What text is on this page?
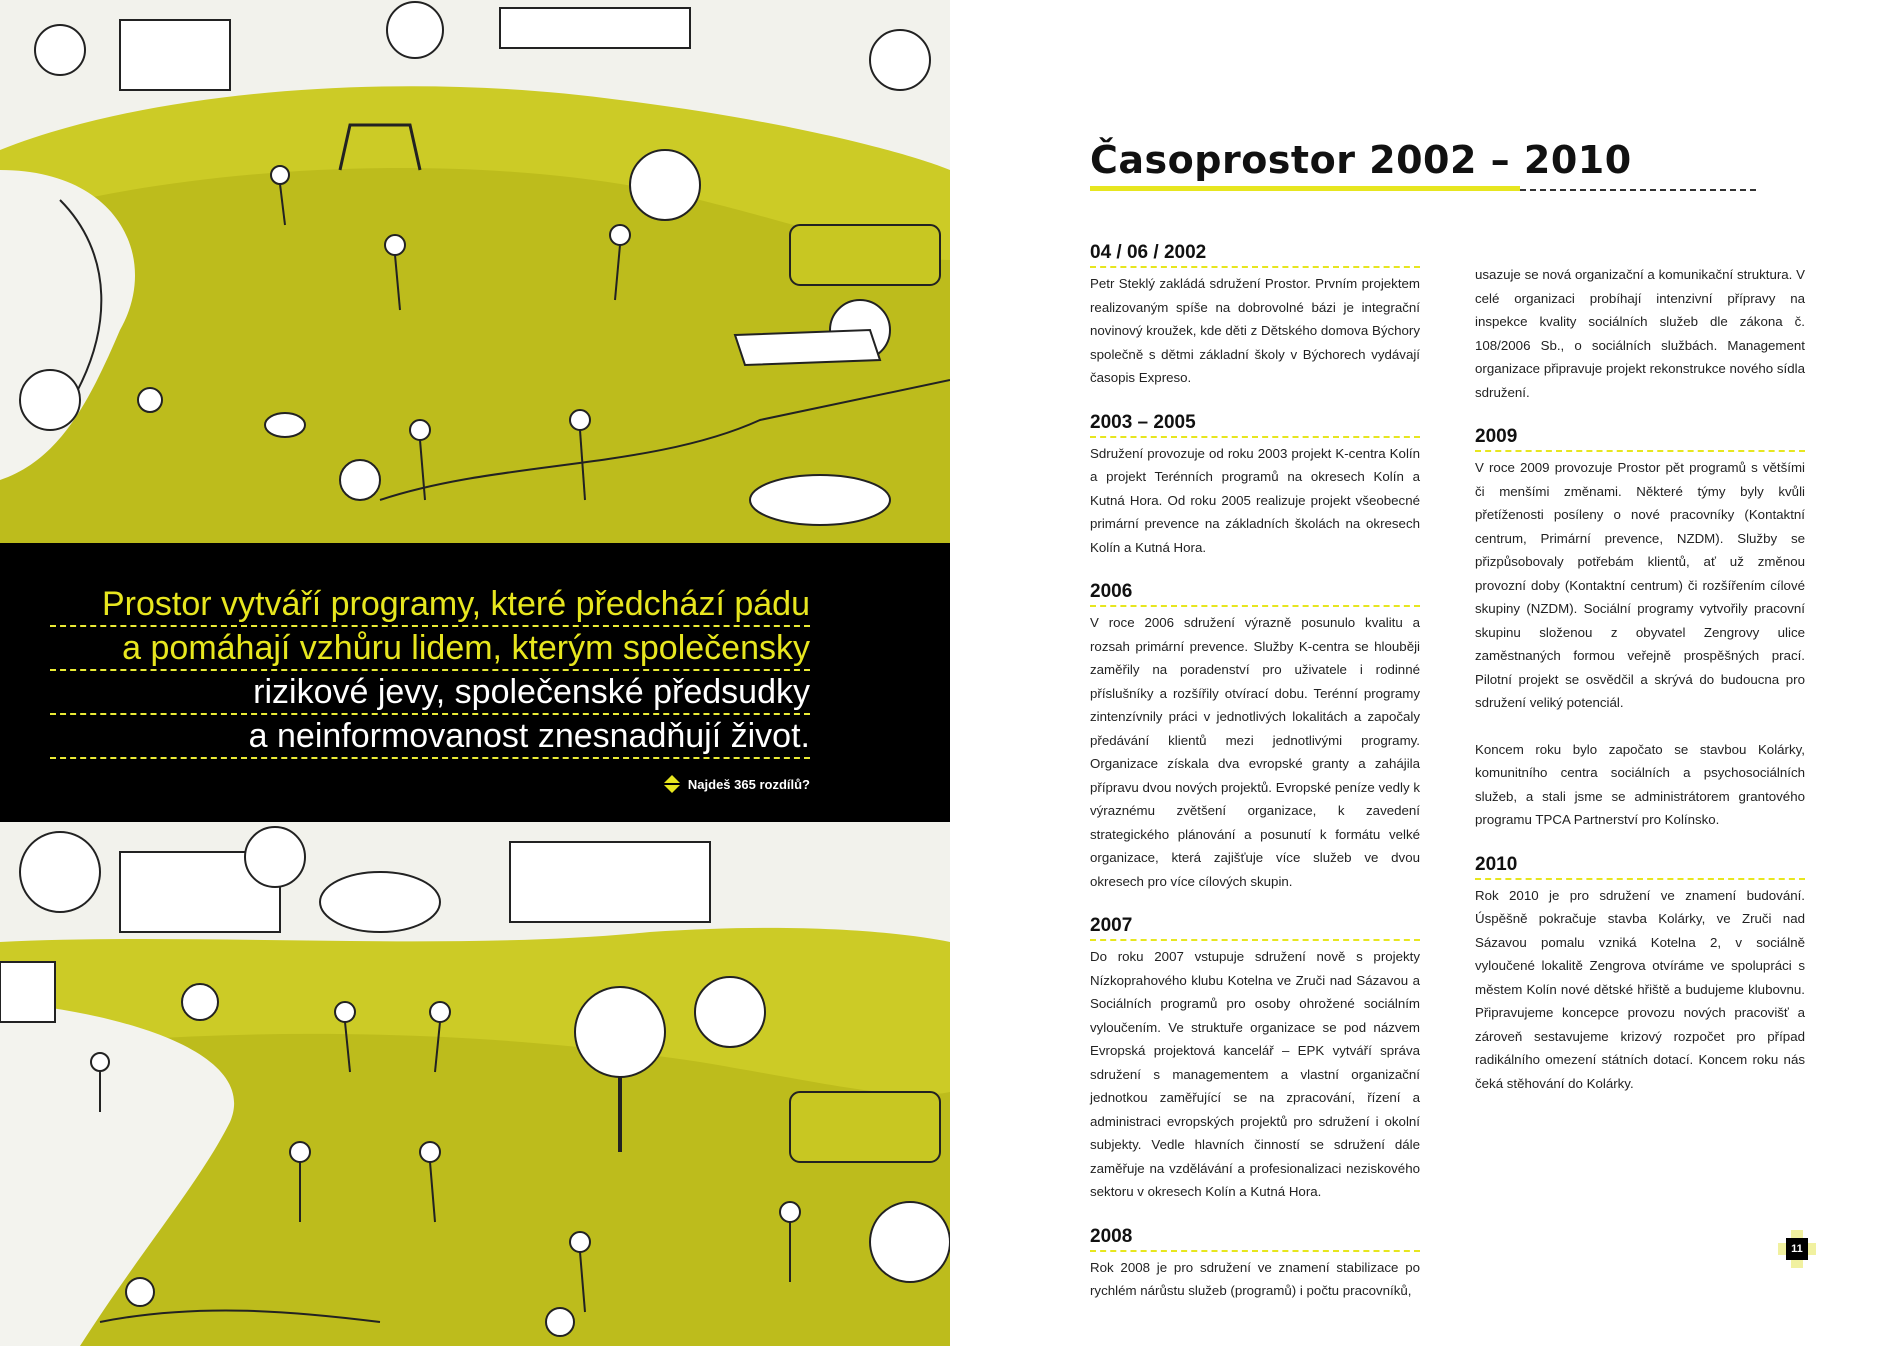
Prostor vytváří programy, které předchází pádu
a pomáhají vzhůru lidem, kterým společensky
rizikové jevy, společenské předsudky
a neinformovanost znesnadňují život.
Najdeš 365 rozdílů?
Časoprostor 2002 – 2010
04 / 06 / 2002
Petr Steklý zakládá sdružení Prostor. Prvním projektem realizovaným spíše na dobrovolné bázi je integrační novinový kroužek, kde děti z Dětského domova Býchory společně s dětmi základní školy v Býchorech vydávají časopis Expreso.
2003 – 2005
Sdružení provozuje od roku 2003 projekt K-centra Kolín a projekt Terénních programů na okresech Kolín a Kutná Hora. Od roku 2005 realizuje projekt všeobecné primární prevence na základních školách na okresech Kolín a Kutná Hora.
2006
V roce 2006 sdružení výrazně posunulo kvalitu a rozsah primární prevence. Služby K-centra se hlouběji zaměřily na poradenství pro uživatele i rodinné příslušníky a rozšířily otvírací dobu. Terénní programy zintenzívnily práci v jednotlivých lokalitách a započaly předávání klientů mezi jednotlivými programy. Organizace získala dva evropské granty a zahájila přípravu dvou nových projektů. Evropské peníze vedly k výraznému zvětšení organizace, k zavedení strategického plánování a posunutí k formátu velké organizace, která zajišťuje více služeb ve dvou okresech pro více cílových skupin.
2007
Do roku 2007 vstupuje sdružení nově s projekty Nízkoprahového klubu Kotelna ve Zruči nad Sázavou a Sociálních programů pro osoby ohrožené sociálním vyloučením. Ve struktuře organizace se pod názvem Evropská projektová kancelář – EPK vytváří správa sdružení s managementem a vlastní organizační jednotkou zaměřující se na zpracování, řízení a administraci evropských projektů pro sdružení i okolní subjekty. Vedle hlavních činností se sdružení dále zaměřuje na vzdělávání a profesionalizaci neziskového sektoru v okresech Kolín a Kutná Hora.
2008
Rok 2008 je pro sdružení ve znamení stabilizace po rychlém nárůstu služeb (programů) i počtu pracovníků,
usazuje se nová organizační a komunikační struktura. V celé organizaci probíhají intenzivní přípravy na inspekce kvality sociálních služeb dle zákona č. 108/2006 Sb., o sociálních službách. Management organizace připravuje projekt rekonstrukce nového sídla sdružení.
2009
V roce 2009 provozuje Prostor pět programů s většími či menšími změnami. Některé týmy byly kvůli přetíženosti posíleny o nové pracovníky (Kontaktní centrum, Primární prevence, NZDM). Služby se přizpůsobovaly potřebám klientů, ať už změnou provozní doby (Kontaktní centrum) či rozšířením cílové skupiny (NZDM). Sociální programy vytvořily pracovní skupinu složenou z obyvatel Zengrovy ulice zaměstnaných formou veřejně prospěšných prací. Pilotní projekt se osvědčil a skrývá do budoucna pro sdružení veliký potenciál.
Koncem roku bylo započato se stavbou Kolárky, komunitního centra sociálních a psychosociálních služeb, a stali jsme se administrátorem grantového programu TPCA Partnerství pro Kolínsko.
2010
Rok 2010 je pro sdružení ve znamení budování. Úspěšně pokračuje stavba Kolárky, ve Zruči nad Sázavou pomalu vzniká Kotelna 2, v sociálně vyloučené lokalitě Zengrova otvíráme ve spolupráci s městem Kolín nové dětské hřiště a budujeme klubovnu. Připravujeme koncepce provozu nových pracovišť a zároveň sestavujeme krizový rozpočet pro případ radikálního omezení státních dotací. Koncem roku nás čeká stěhování do Kolárky.
11
